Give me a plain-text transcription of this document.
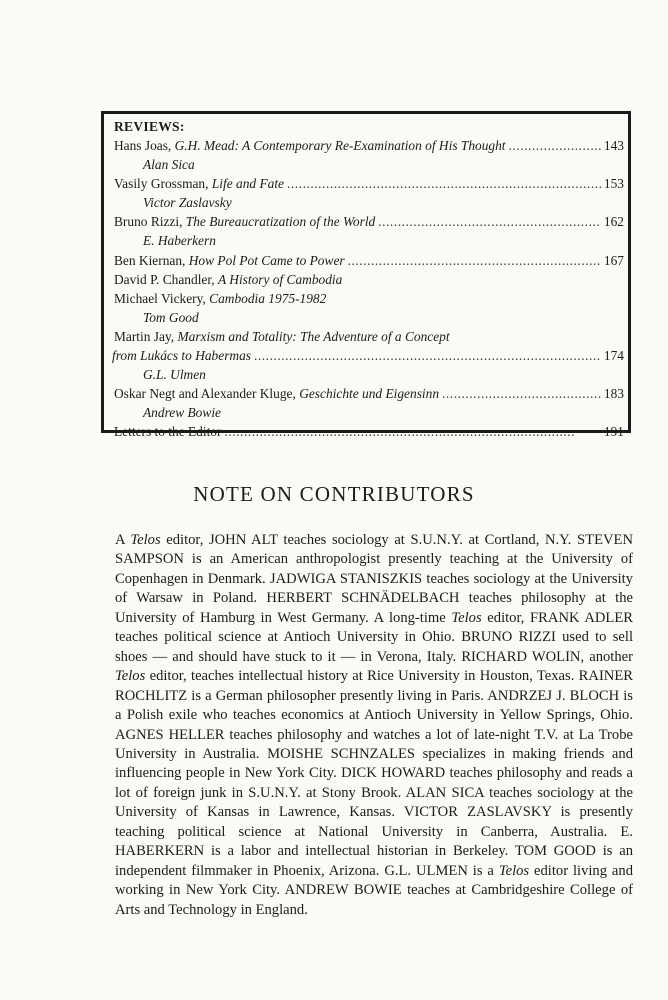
REVIEWS:
Hans Joas, G.H. Mead: A Contemporary Re-Examination of His Thought . . .	143
Alan Sica
Vasily Grossman, Life and Fate . . .	153
Victor Zaslavsky
Bruno Rizzi, The Bureaucratization of the World . . .	162
E. Haberkern
Ben Kiernan, How Pol Pot Came to Power . . .	167
David P. Chandler, A History of Cambodia
Michael Vickery, Cambodia 1975-1982
Tom Good
Martin Jay, Marxism and Totality: The Adventure of a Concept
from Lukács to Habermas . . .	174
G.L. Ulmen
Oskar Negt and Alexander Kluge, Geschichte und Eigensinn . . .	183
Andrew Bowie
Letters to the Editor . . .	191
NOTE ON CONTRIBUTORS

A Telos editor, JOHN ALT teaches sociology at S.U.N.Y. at Cortland, N.Y. STEVEN SAMPSON is an American anthropologist presently teaching at the University of Copenhagen in Denmark. JADWIGA STANISZKIS teaches sociology at the University of Warsaw in Poland. HERBERT SCHNÄDELBACH teaches philosophy at the University of Hamburg in West Germany. A long-time Telos editor, FRANK ADLER teaches political science at Antioch University in Ohio. BRUNO RIZZI used to sell shoes — and should have stuck to it — in Verona, Italy. RICHARD WOLIN, another Telos editor, teaches intellectual history at Rice University in Houston, Texas. RAINER ROCHLITZ is a German philosopher presently living in Paris. ANDRZEJ J. BLOCH is a Polish exile who teaches economics at Antioch University in Yellow Springs, Ohio. AGNES HELLER teaches philosophy and watches a lot of late-night T.V. at La Trobe University in Australia. MOISHE SCHNZALES specializes in making friends and influencing people in New York City. DICK HOWARD teaches philosophy and reads a lot of foreign junk in S.U.N.Y. at Stony Brook. ALAN SICA teaches sociology at the University of Kansas in Lawrence, Kansas. VICTOR ZASLAVSKY is presently teaching political science at National University in Canberra, Australia. E. HABERKERN is a labor and intellectual historian in Berkeley. TOM GOOD is an independent filmmaker in Phoenix, Arizona. G.L. ULMEN is a Telos editor living and working in New York City. ANDREW BOWIE teaches at Cambridgeshire College of Arts and Technology in England.
